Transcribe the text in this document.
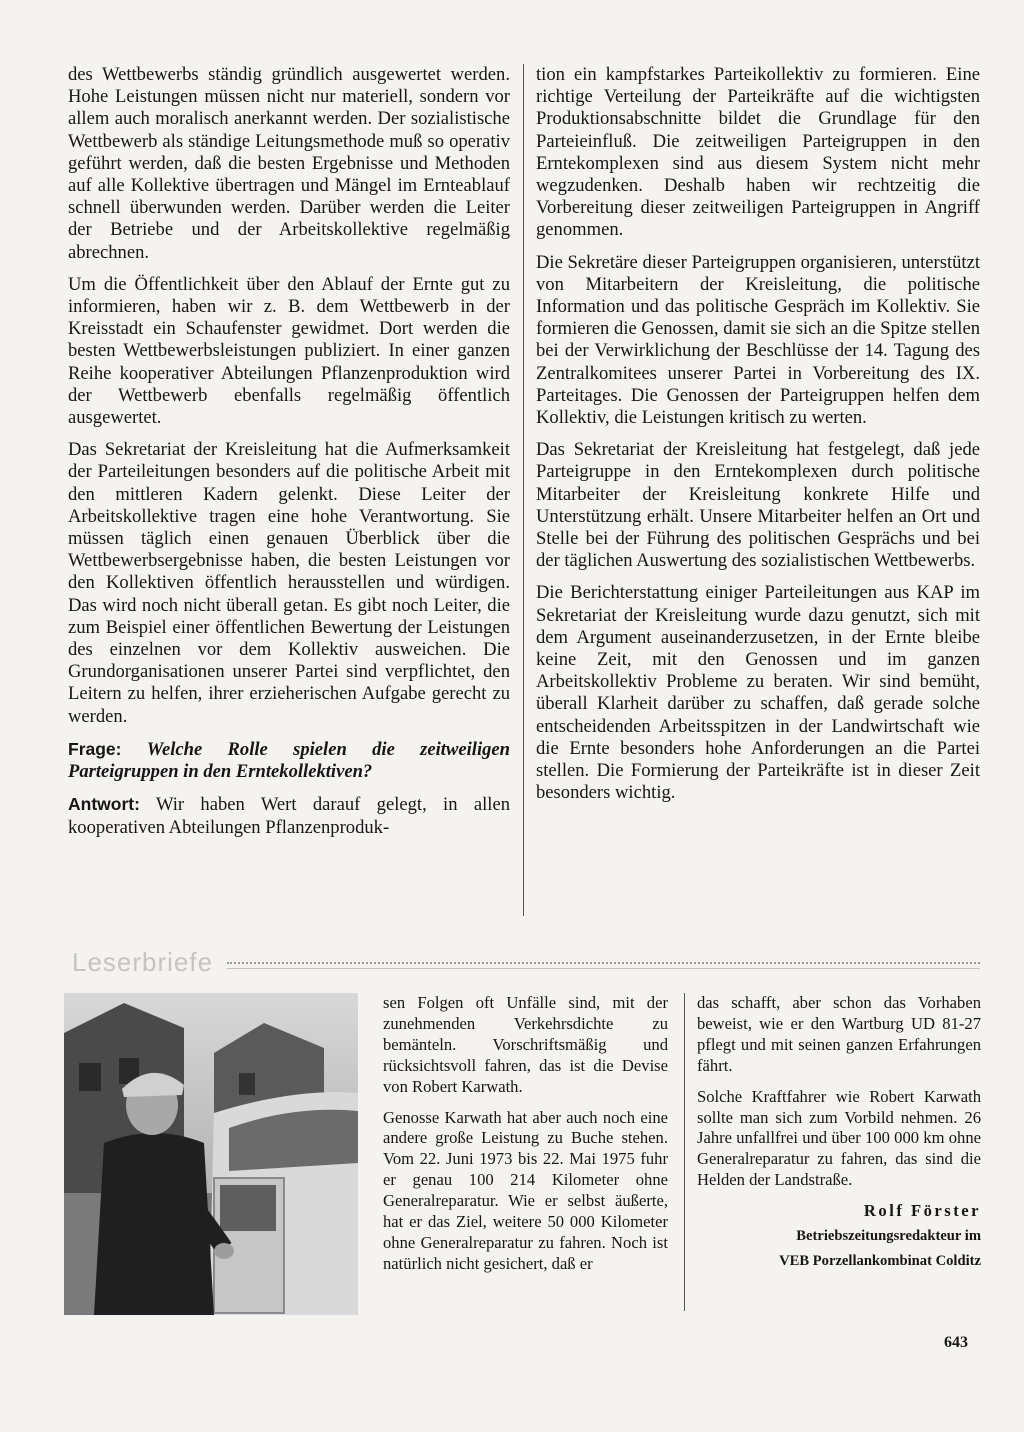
des Wettbewerbs ständig gründlich ausgewertet werden. Hohe Leistungen müssen nicht nur materiell, sondern vor allem auch moralisch anerkannt werden. Der sozialistische Wettbewerb als ständige Leitungsmethode muß so operativ geführt werden, daß die besten Ergebnisse und Methoden auf alle Kollektive übertragen und Mängel im Ernteablauf schnell überwunden werden. Darüber werden die Leiter der Betriebe und der Arbeitskollektive regelmäßig abrechnen.

Um die Öffentlichkeit über den Ablauf der Ernte gut zu informieren, haben wir z. B. dem Wettbewerb in der Kreisstadt ein Schaufenster gewidmet. Dort werden die besten Wettbewerbsleistungen publiziert. In einer ganzen Reihe kooperativer Abteilungen Pflanzenproduktion wird der Wettbewerb ebenfalls regelmäßig öffentlich ausgewertet.

Das Sekretariat der Kreisleitung hat die Aufmerksamkeit der Parteileitungen besonders auf die politische Arbeit mit den mittleren Kadern gelenkt. Diese Leiter der Arbeitskollektive tragen eine hohe Verantwortung. Sie müssen täglich einen genauen Überblick über die Wettbewerbsergebnisse haben, die besten Leistungen vor den Kollektiven öffentlich herausstellen und würdigen. Das wird noch nicht überall getan. Es gibt noch Leiter, die zum Beispiel einer öffentlichen Bewertung der Leistungen des einzelnen vor dem Kollektiv ausweichen. Die Grundorganisationen unserer Partei sind verpflichtet, den Leitern zu helfen, ihrer erzieherischen Aufgabe gerecht zu werden.

Frage: Welche Rolle spielen die zeitweiligen Parteigruppen in den Erntekollektiven?

Antwort: Wir haben Wert darauf gelegt, in allen kooperativen Abteilungen Pflanzenproduk-

tion ein kampfstarkes Parteikollektiv zu formieren. Eine richtige Verteilung der Parteikräfte auf die wichtigsten Produktionsabschnitte bildet die Grundlage für den Parteieinfluß. Die zeitweiligen Parteigruppen in den Erntekomplexen sind aus diesem System nicht mehr wegzudenken. Deshalb haben wir rechtzeitig die Vorbereitung dieser zeitweiligen Parteigruppen in Angriff genommen.

Die Sekretäre dieser Parteigruppen organisieren, unterstützt von Mitarbeitern der Kreisleitung, die politische Information und das politische Gespräch im Kollektiv. Sie formieren die Genossen, damit sie sich an die Spitze stellen bei der Verwirklichung der Beschlüsse der 14. Tagung des Zentralkomitees unserer Partei in Vorbereitung des IX. Parteitages. Die Genossen der Parteigruppen helfen dem Kollektiv, die Leistungen kritisch zu werten.

Das Sekretariat der Kreisleitung hat festgelegt, daß jede Parteigruppe in den Erntekomplexen durch politische Mitarbeiter der Kreisleitung konkrete Hilfe und Unterstützung erhält. Unsere Mitarbeiter helfen an Ort und Stelle bei der Führung des politischen Gesprächs und bei der täglichen Auswertung des sozialistischen Wettbewerbs.

Die Berichterstattung einiger Parteileitungen aus KAP im Sekretariat der Kreisleitung wurde dazu genutzt, sich mit dem Argument auseinanderzusetzen, in der Ernte bleibe keine Zeit, mit den Genossen und im ganzen Arbeitskollektiv Probleme zu beraten. Wir sind bemüht, überall Klarheit darüber zu schaffen, daß gerade solche entscheidenden Arbeitsspitzen in der Landwirtschaft wie die Ernte besonders hohe Anforderungen an die Partei stellen. Die Formierung der Parteikräfte ist in dieser Zeit besonders wichtig.

Leserbriefe

sen Folgen oft Unfälle sind, mit der zunehmenden Verkehrsdichte zu bemänteln. Vorschriftsmäßig und rücksichtsvoll fahren, das ist die Devise von Robert Karwath.

Genosse Karwath hat aber auch noch eine andere große Leistung zu Buche stehen. Vom 22. Juni 1973 bis 22. Mai 1975 fuhr er genau 100 214 Kilometer ohne Generalreparatur. Wie er selbst äußerte, hat er das Ziel, weitere 50 000 Kilometer ohne Generalreparatur zu fahren. Noch ist natürlich nicht gesichert, daß er

das schafft, aber schon das Vorhaben beweist, wie er den Wartburg UD 81-27 pflegt und mit seinen ganzen Erfahrungen fährt.

Solche Kraftfahrer wie Robert Karwath sollte man sich zum Vorbild nehmen. 26 Jahre unfallfrei und über 100 000 km ohne Generalreparatur zu fahren, das sind die Helden der Landstraße.

Rolf Förster

Betriebszeitungsredakteur im

VEB Porzellankombinat Colditz

643
